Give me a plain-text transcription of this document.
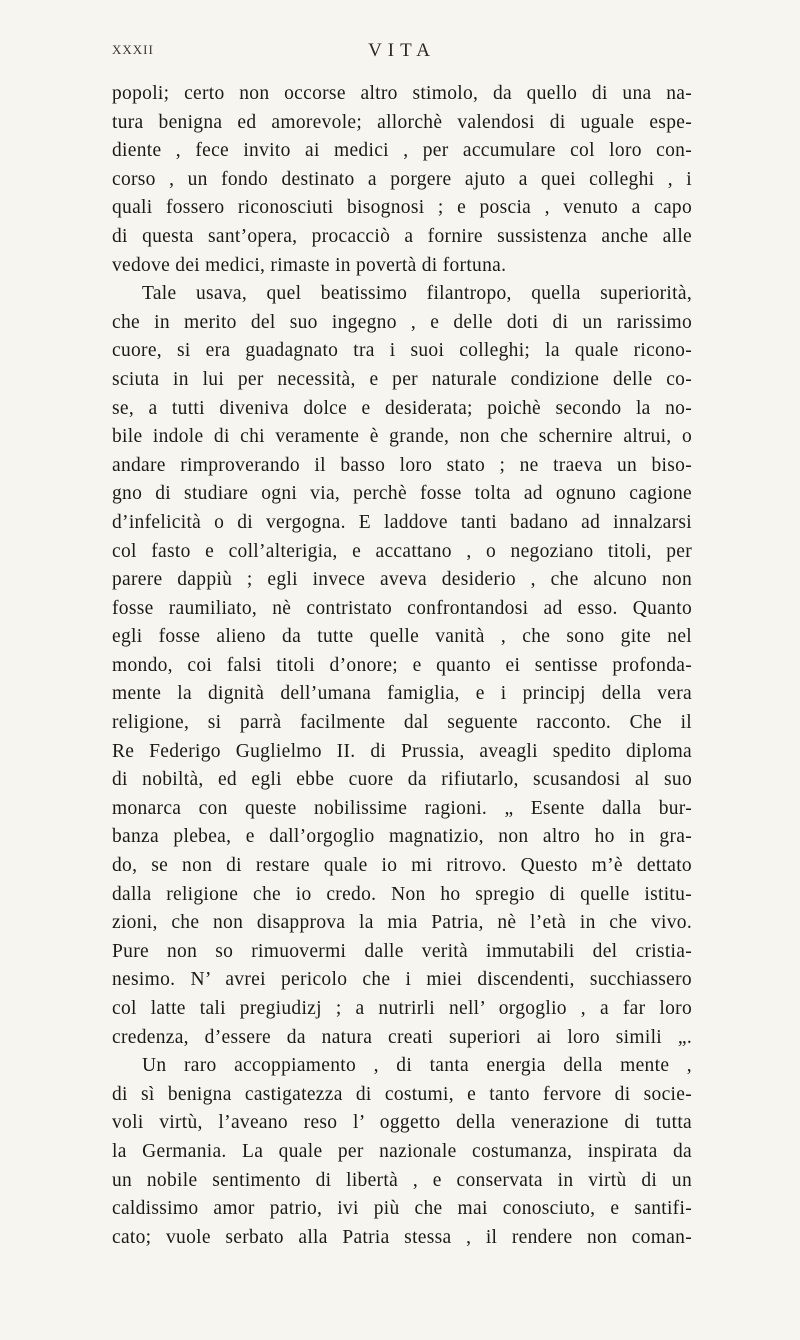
XXXII	VITA
popoli; certo non occorse altro stimolo, da quello di una na-
tura benigna ed amorevole; allorchè valendosi di uguale espe-
diente , fece invito ai medici , per accumulare col loro con-
corso , un fondo destinato a porgere ajuto a quei colleghi , i
quali fossero riconosciuti bisognosi ; e poscia , venuto a capo
di questa sant’opera, procacciò a fornire sussistenza anche alle
vedove dei medici, rimaste in povertà di fortuna.
Tale usava, quel beatissimo filantropo, quella superiorità,
che in merito del suo ingegno , e delle doti di un rarissimo
cuore, si era guadagnato tra i suoi colleghi; la quale ricono-
sciuta in lui per necessità, e per naturale condizione delle co-
se, a tutti diveniva dolce e desiderata; poichè secondo la no-
bile indole di chi veramente è grande, non che schernire altrui, o
andare rimproverando il basso loro stato ; ne traeva un biso-
gno di studiare ogni via, perchè fosse tolta ad ognuno cagione
d’infelicità o di vergogna. E laddove tanti badano ad innalzarsi
col fasto e coll’alterigia, e accattano , o negoziano titoli, per
parere dappiù ; egli invece aveva desiderio , che alcuno non
fosse raumiliato, nè contristato confrontandosi ad esso. Quanto
egli fosse alieno da tutte quelle vanità , che sono gite nel
mondo, coi falsi titoli d’onore; e quanto ei sentisse profonda-
mente la dignità dell’umana famiglia, e i principj della vera
religione, si parrà facilmente dal seguente racconto. Che il
Re Federigo Guglielmo II. di Prussia, aveagli spedito diploma
di nobiltà, ed egli ebbe cuore da rifiutarlo, scusandosi al suo
monarca con queste nobilissime ragioni. „ Esente dalla bur-
banza plebea, e dall’orgoglio magnatizio, non altro ho in gra-
do, se non di restare quale io mi ritrovo. Questo m’è dettato
dalla religione che io credo. Non ho spregio di quelle istitu-
zioni, che non disapprova la mia Patria, nè l’età in che vivo.
Pure non so rimuovermi dalle verità immutabili del cristia-
nesimo. N’ avrei pericolo che i miei discendenti, succhiassero
col latte tali pregiudizj ; a nutrirli nell’ orgoglio , a far loro
credenza, d’essere da natura creati superiori ai loro simili „.
Un raro accoppiamento , di tanta energia della mente ,
di sì benigna castigatezza di costumi, e tanto fervore di socie-
voli virtù, l’aveano reso l’ oggetto della venerazione di tutta
la Germania. La quale per nazionale costumanza, inspirata da
un nobile sentimento di libertà , e conservata in virtù di un
caldissimo amor patrio, ivi più che mai conosciuto, e santifi-
cato; vuole serbato alla Patria stessa , il rendere non coman-
